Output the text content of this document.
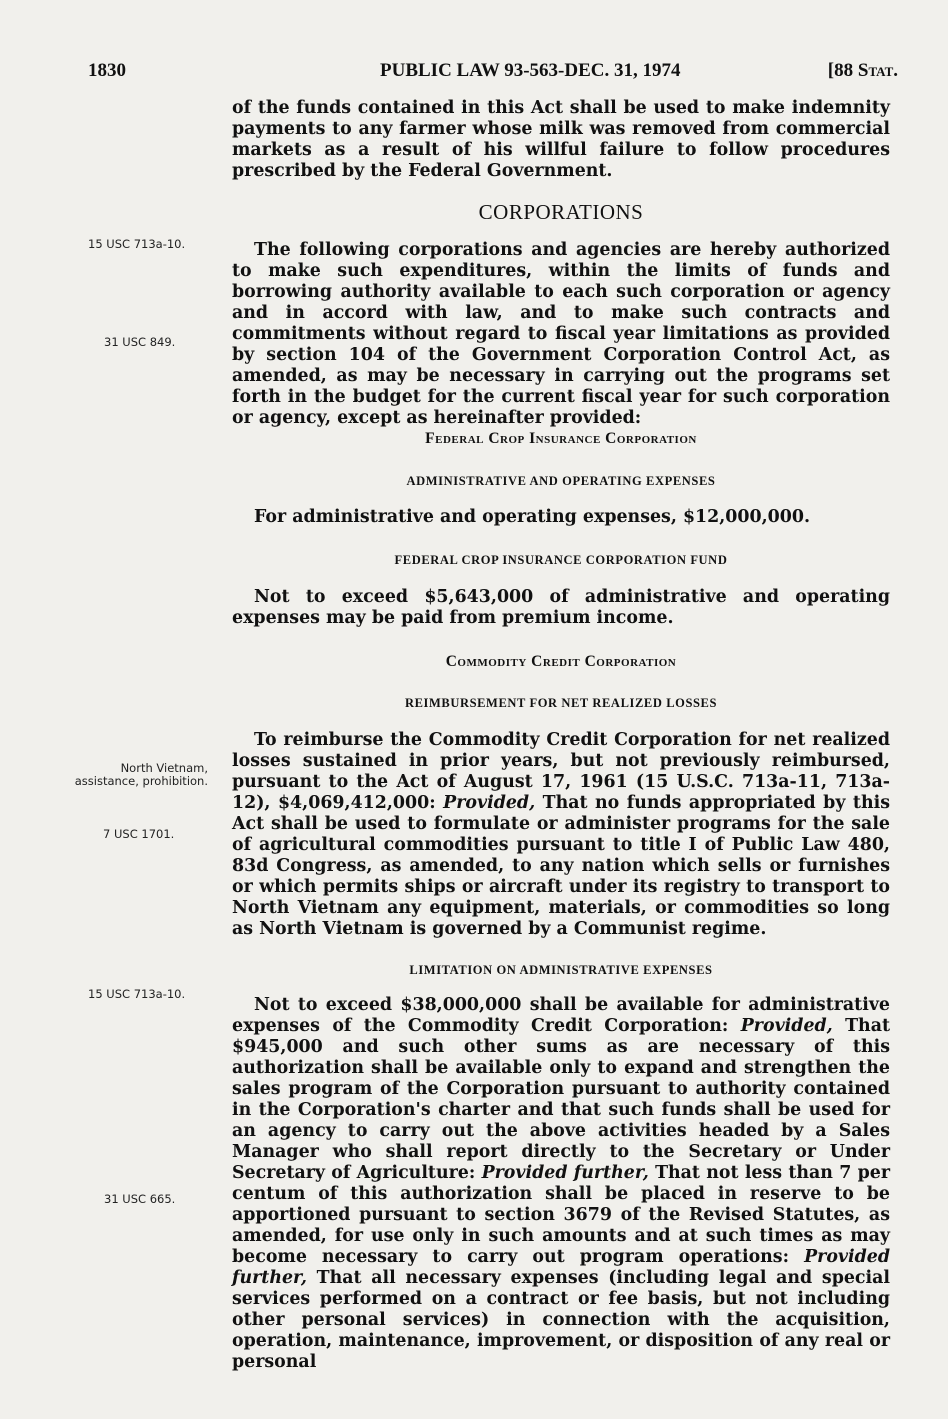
1830	PUBLIC LAW 93-563-DEC. 31, 1974	[88 Stat.
15 USC 713a-10.
31 USC 849.
North Vietnam, assistance, prohibition.
7 USC 1701.
15 USC 713a-10.
31 USC 665.

of the funds contained in this Act shall be used to make indemnity payments to any farmer whose milk was removed from commercial markets as a result of his willful failure to follow procedures prescribed by the Federal Government.

CORPORATIONS

The following corporations and agencies are hereby authorized to make such expenditures, within the limits of funds and borrowing authority available to each such corporation or agency and in accord with law, and to make such contracts and commitments without regard to fiscal year limitations as provided by section 104 of the Government Corporation Control Act, as amended, as may be necessary in carrying out the programs set forth in the budget for the current fiscal year for such corporation or agency, except as hereinafter provided:

Federal Crop Insurance Corporation
ADMINISTRATIVE AND OPERATING EXPENSES

For administrative and operating expenses, $12,000,000.

FEDERAL CROP INSURANCE CORPORATION FUND

Not to exceed $5,643,000 of administrative and operating expenses may be paid from premium income.

Commodity Credit Corporation
REIMBURSEMENT FOR NET REALIZED LOSSES

To reimburse the Commodity Credit Corporation for net realized losses sustained in prior years, but not previously reimbursed, pursuant to the Act of August 17, 1961 (15 U.S.C. 713a-11, 713a-12), $4,069,412,000: Provided, That no funds appropriated by this Act shall be used to formulate or administer programs for the sale of agricultural commodities pursuant to title I of Public Law 480, 83d Congress, as amended, to any nation which sells or furnishes or which permits ships or aircraft under its registry to transport to North Vietnam any equipment, materials, or commodities so long as North Vietnam is governed by a Communist regime.

LIMITATION ON ADMINISTRATIVE EXPENSES

Not to exceed $38,000,000 shall be available for administrative expenses of the Commodity Credit Corporation: Provided, That $945,000 and such other sums as are necessary of this authorization shall be available only to expand and strengthen the sales program of the Corporation pursuant to authority contained in the Corporation's charter and that such funds shall be used for an agency to carry out the above activities headed by a Sales Manager who shall report directly to the Secretary or Under Secretary of Agriculture: Provided further, That not less than 7 per centum of this authorization shall be placed in reserve to be apportioned pursuant to section 3679 of the Revised Statutes, as amended, for use only in such amounts and at such times as may become necessary to carry out program operations: Provided further, That all necessary expenses (including legal and special services performed on a contract or fee basis, but not including other personal services) in connection with the acquisition, operation, maintenance, improvement, or disposition of any real or personal
